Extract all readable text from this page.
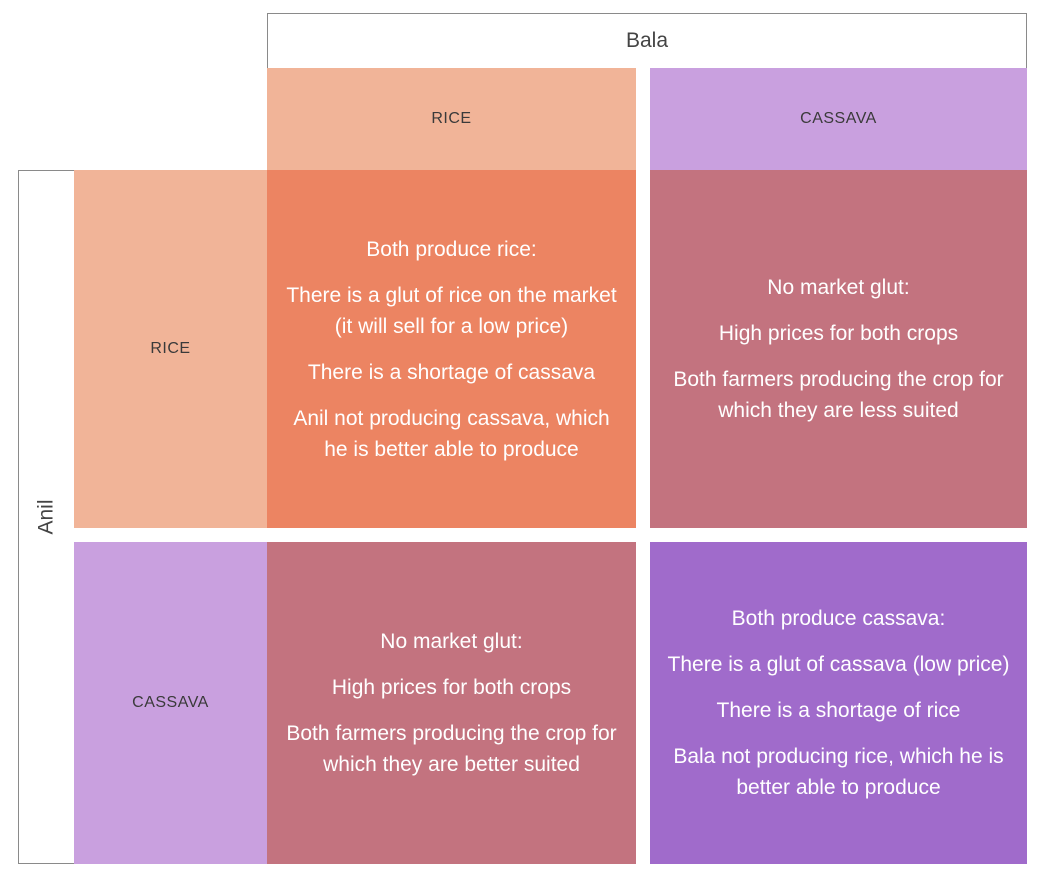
Bala
Anil
RICE	CASSAVA
RICE
CASSAVA

Both produce rice:

There is a glut of rice on the market (it will sell for a low price)

There is a shortage of cassava

Anil not producing cassava, which he is better able to produce

No market glut:

High prices for both crops

Both farmers producing the crop for which they are less suited

No market glut:

High prices for both crops

Both farmers producing the crop for which they are better suited

Both produce cassava:

There is a glut of cassava (low price)

There is a shortage of rice

Bala not producing rice, which he is better able to produce
